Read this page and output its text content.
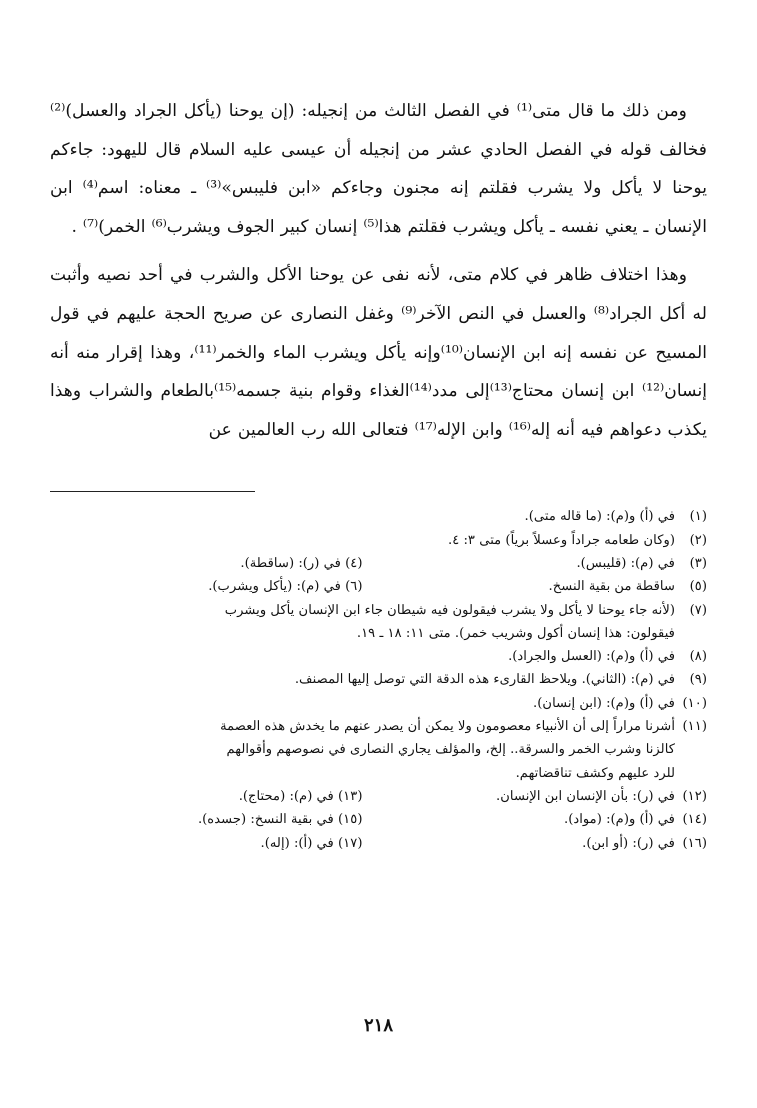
ومن ذلك ما قال متى⁽¹⁾ في الفصل الثالث من إنجيله: (إن يوحنا (يأكل الجراد والعسل)⁽²⁾ فخالف قوله في الفصل الحادي عشر من إنجيله أن عيسى عليه السلام قال لليهود: جاءكم يوحنا لا يأكل ولا يشرب فقلتم إنه مجنون وجاءكم «ابن فليبس»⁽³⁾ ـ معناه: اسم⁽⁴⁾ ابن الإنسان ـ يعني نفسه ـ يأكل ويشرب فقلتم هذا⁽⁵⁾ إنسان كبير الجوف ويشرب⁽⁶⁾ الخمر)⁽⁷⁾ .

وهذا اختلاف ظاهر في كلام متى، لأنه نفى عن يوحنا الأكل والشرب في أحد نصيه وأثبت له أكل الجراد⁽⁸⁾ والعسل في النص الآخر⁽⁹⁾ وغفل النصارى عن صريح الحجة عليهم في قول المسيح عن نفسه إنه ابن الإنسان⁽¹⁰⁾وإنه يأكل ويشرب الماء والخمر⁽¹¹⁾، وهذا إقرار منه أنه إنسان⁽¹²⁾ ابن إنسان محتاج⁽¹³⁾إلى مدد⁽¹⁴⁾الغذاء وقوام بنية جسمه⁽¹⁵⁾بالطعام والشراب وهذا يكذب دعواهم فيه أنه إله⁽¹⁶⁾ وابن الإله⁽¹⁷⁾ فتعالى الله رب العالمين عن

(١)
في (أ) و(م): (ما قاله متى).
(٢)
(وكان طعامه جراداً وعسلاً برياً) متى ٣: ٤.
(٣)
في (م): (قليبس).
(٤) في (ر): (ساقطة).
(٥)
ساقطة من بقية النسخ.
(٦) في (م): (يأكل ويشرب).
(٧)
(لأنه جاء يوحنا لا يأكل ولا يشرب فيقولون فيه شيطان جاء ابن الإنسان يأكل ويشرب
فيقولون: هذا إنسان أكول وشريب خمر). متى ١١: ١٨ ـ ١٩.
(٨)
في (أ) و(م): (العسل والجراد).
(٩)
في (م): (الثاني). ويلاحظ القارىء هذه الدقة التي توصل إليها المصنف.
(١٠)
في (أ) و(م): (ابن إنسان).
(١١)
أشرنا مراراً إلى أن الأنبياء معصومون ولا يمكن أن يصدر عنهم ما يخدش هذه العصمة
كالزنا وشرب الخمر والسرقة.. إلخ، والمؤلف يجاري النصارى في نصوصهم وأقوالهم
للرد عليهم وكشف تناقضاتهم.
(١٢)
في (ر): بأن الإنسان ابن الإنسان.
(١٣) في (م): (محتاج).
(١٤)
في (أ) و(م): (مواد).
(١٥) في بقية النسخ: (جسده).
(١٦)
في (ر): (أو ابن).
(١٧) في (أ): (إله).
٢١٨
